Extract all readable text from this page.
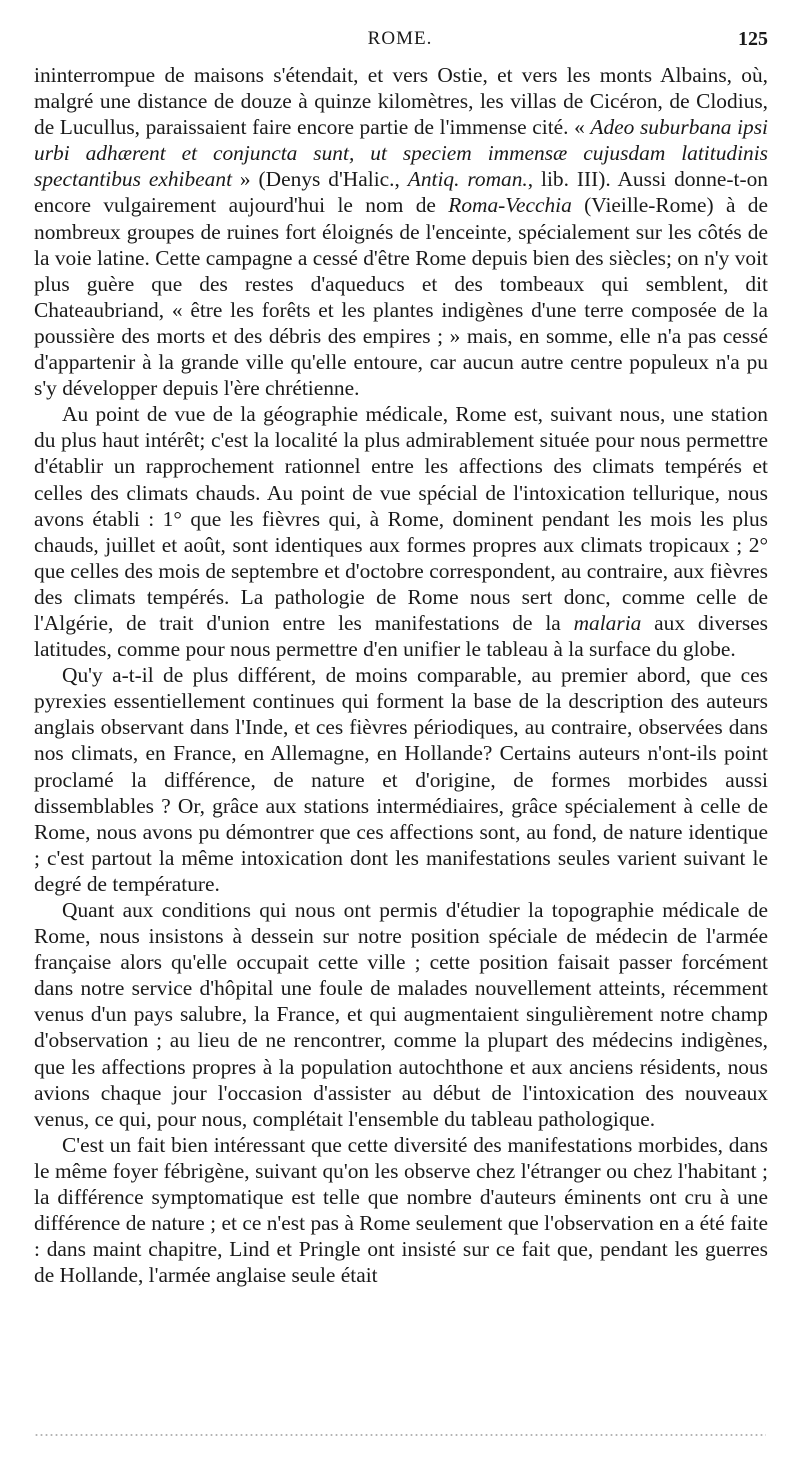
ROME.	125

ininterrompue de maisons s'étendait, et vers Ostie, et vers les monts Albains, où, malgré une distance de douze à quinze kilomètres, les villas de Cicéron, de Clodius, de Lucullus, paraissaient faire encore partie de l'immense cité. « Adeo suburbana ipsi urbi adhærent et conjuncta sunt, ut speciem immensæ cujusdam latitudinis spectantibus exhibeant » (Denys d'Halic., Antiq. roman., lib. III). Aussi donne-t-on encore vulgairement aujourd'hui le nom de Roma-Vecchia (Vieille-Rome) à de nombreux groupes de ruines fort éloignés de l'enceinte, spécialement sur les côtés de la voie latine. Cette campagne a cessé d'être Rome depuis bien des siècles; on n'y voit plus guère que des restes d'aqueducs et des tombeaux qui semblent, dit Chateaubriand, « être les forêts et les plantes indigènes d'une terre composée de la poussière des morts et des débris des empires ; » mais, en somme, elle n'a pas cessé d'appartenir à la grande ville qu'elle entoure, car aucun autre centre populeux n'a pu s'y développer depuis l'ère chrétienne.

Au point de vue de la géographie médicale, Rome est, suivant nous, une station du plus haut intérêt; c'est la localité la plus admirablement située pour nous permettre d'établir un rapprochement rationnel entre les affections des climats tempérés et celles des climats chauds. Au point de vue spécial de l'intoxication tellurique, nous avons établi : 1° que les fièvres qui, à Rome, dominent pendant les mois les plus chauds, juillet et août, sont identiques aux formes propres aux climats tropicaux ; 2° que celles des mois de septembre et d'octobre correspondent, au contraire, aux fièvres des climats tempérés. La pathologie de Rome nous sert donc, comme celle de l'Algérie, de trait d'union entre les manifestations de la malaria aux diverses latitudes, comme pour nous permettre d'en unifier le tableau à la surface du globe.

Qu'y a-t-il de plus différent, de moins comparable, au premier abord, que ces pyrexies essentiellement continues qui forment la base de la description des auteurs anglais observant dans l'Inde, et ces fièvres périodiques, au contraire, observées dans nos climats, en France, en Allemagne, en Hollande? Certains auteurs n'ont-ils point proclamé la différence, de nature et d'origine, de formes morbides aussi dissemblables ? Or, grâce aux stations intermédiaires, grâce spécialement à celle de Rome, nous avons pu démontrer que ces affections sont, au fond, de nature identique ; c'est partout la même intoxication dont les manifestations seules varient suivant le degré de température.

Quant aux conditions qui nous ont permis d'étudier la topographie médicale de Rome, nous insistons à dessein sur notre position spéciale de médecin de l'armée française alors qu'elle occupait cette ville ; cette position faisait passer forcément dans notre service d'hôpital une foule de malades nouvellement atteints, récemment venus d'un pays salubre, la France, et qui augmentaient singulièrement notre champ d'observation ; au lieu de ne rencontrer, comme la plupart des médecins indigènes, que les affections propres à la population autochthone et aux anciens résidents, nous avions chaque jour l'occasion d'assister au début de l'intoxication des nouveaux venus, ce qui, pour nous, complétait l'ensemble du tableau pathologique.

C'est un fait bien intéressant que cette diversité des manifestations morbides, dans le même foyer fébrigène, suivant qu'on les observe chez l'étranger ou chez l'habitant ; la différence symptomatique est telle que nombre d'auteurs éminents ont cru à une différence de nature ; et ce n'est pas à Rome seulement que l'observation en a été faite : dans maint chapitre, Lind et Pringle ont insisté sur ce fait que, pendant les guerres de Hollande, l'armée anglaise seule était
